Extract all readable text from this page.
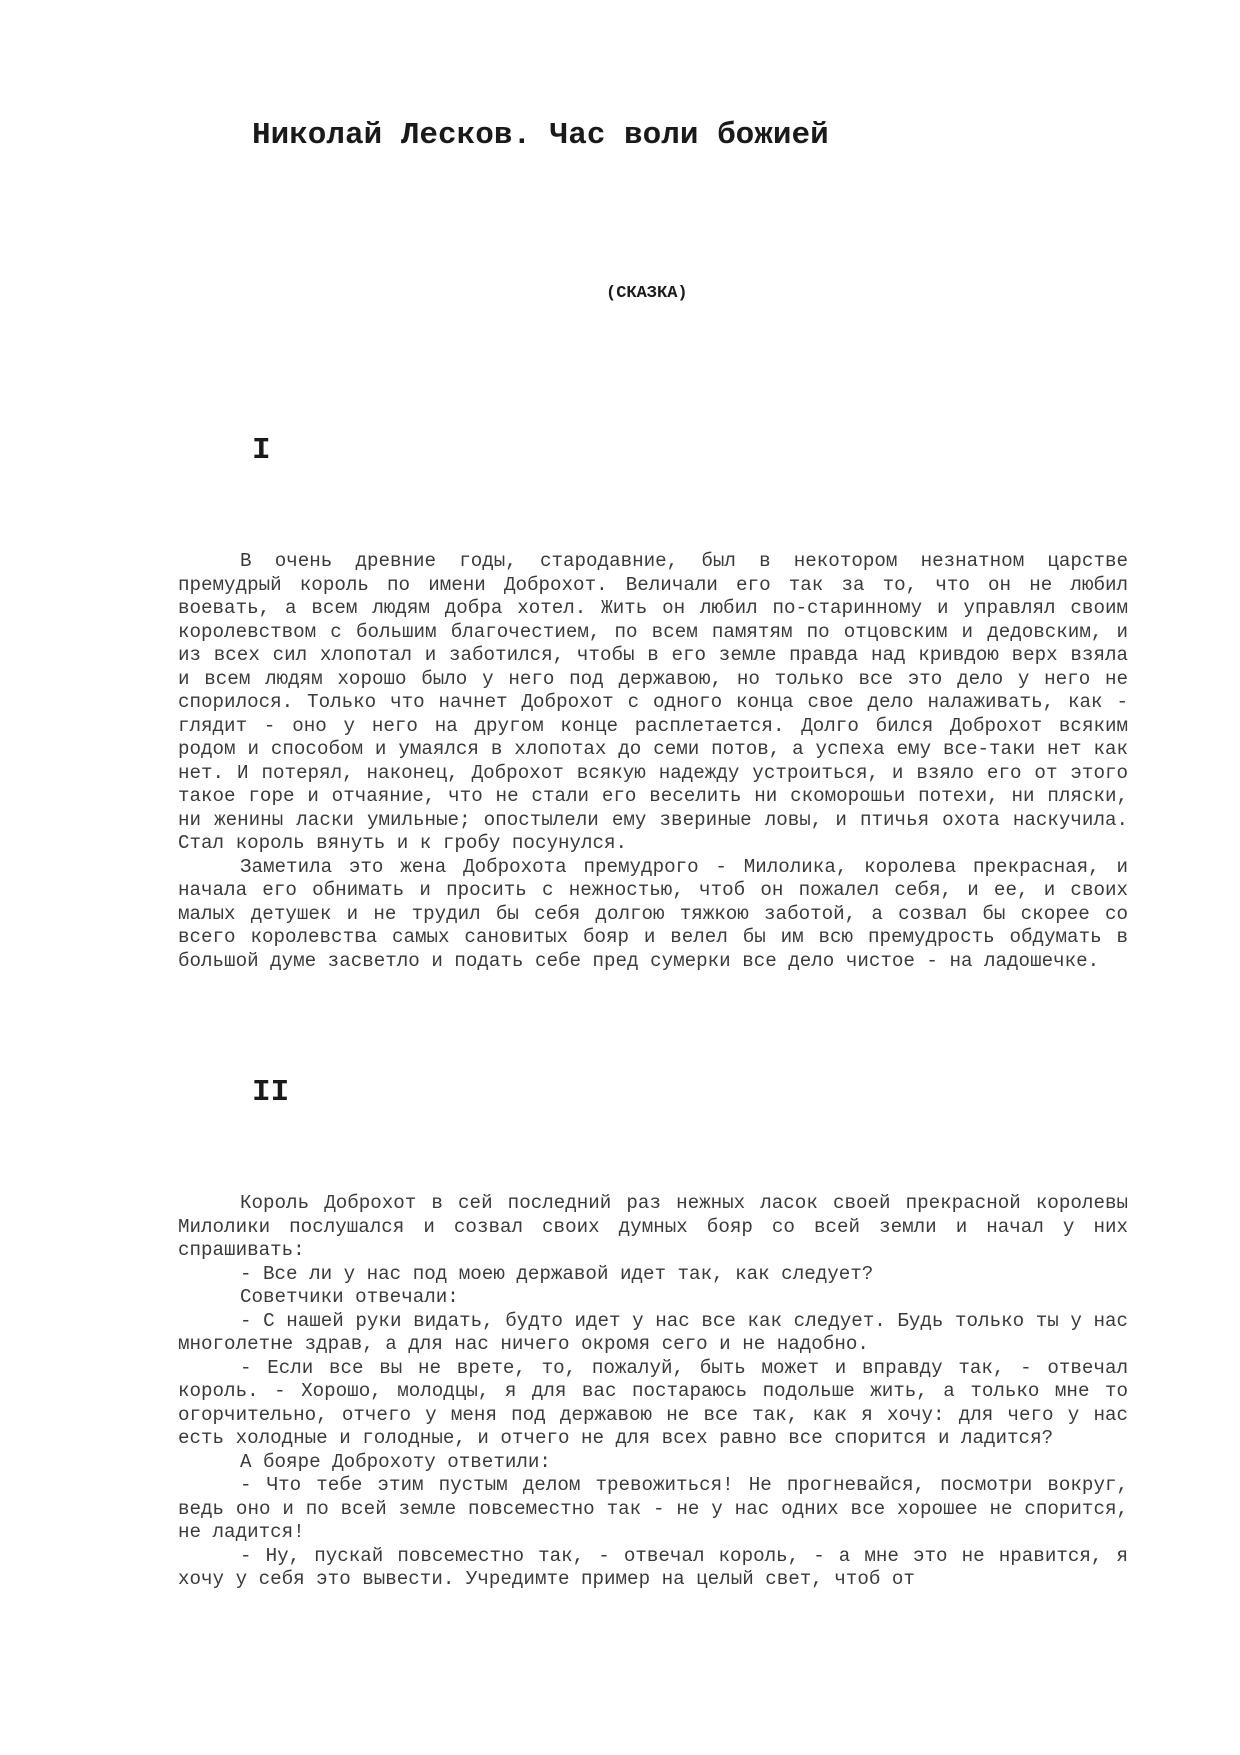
Николай Лесков. Час воли божией
(СКАЗКА)
I

В очень древние годы, стародавние, был в некотором незнатном царстве премудрый король по имени Доброхот. Величали его так за то, что он не любил воевать, а всем людям добра хотел. Жить он любил по-старинному и управлял своим королевством с большим благочестием, по всем памятям по отцовским и дедовским, и из всех сил хлопотал и заботился, чтобы в его земле правда над кривдою верх взяла и всем людям хорошо было у него под державою, но только все это дело у него не спорилося. Только что начнет Доброхот с одного конца свое дело налаживать, как - глядит - оно у него на другом конце расплетается. Долго бился Доброхот всяким родом и способом и умаялся в хлопотах до семи потов, а успеха ему все-таки нет как нет. И потерял, наконец, Доброхот всякую надежду устроиться, и взяло его от этого такое горе и отчаяние, что не стали его веселить ни скоморошьи потехи, ни пляски, ни женины ласки умильные; опостылели ему звериные ловы, и птичья охота наскучила. Стал король вянуть и к гробу посунулся.

Заметила это жена Доброхота премудрого - Милолика, королева прекрасная, и начала его обнимать и просить с нежностью, чтоб он пожалел себя, и ее, и своих малых детушек и не трудил бы себя долгою тяжкою заботой, а созвал бы скорее со всего королевства самых сановитых бояр и велел бы им всю премудрость обдумать в большой думе засветло и подать себе пред сумерки все дело чистое - на ладошечке.

II

Король Доброхот в сей последний раз нежных ласок своей прекрасной королевы Милолики послушался и созвал своих думных бояр со всей земли и начал у них спрашивать:

- Все ли у нас под моею державой идет так, как следует?

Советчики отвечали:

- С нашей руки видать, будто идет у нас все как следует. Будь только ты у нас многолетне здрав, а для нас ничего окромя сего и не надобно.

- Если все вы не врете, то, пожалуй, быть может и вправду так, - отвечал король. - Хорошо, молодцы, я для вас постараюсь подольше жить, а только мне то огорчительно, отчего у меня под державою не все так, как я хочу: для чего у нас есть холодные и голодные, и отчего не для всех равно все спорится и ладится?

А бояре Доброхоту ответили:

- Что тебе этим пустым делом тревожиться! Не прогневайся, посмотри вокруг, ведь оно и по всей земле повсеместно так - не у нас одних все хорошее не спорится, не ладится!

- Ну, пускай повсеместно так, - отвечал король, - а мне это не нравится, я хочу у себя это вывести. Учредимте пример на целый свет, чтоб от
